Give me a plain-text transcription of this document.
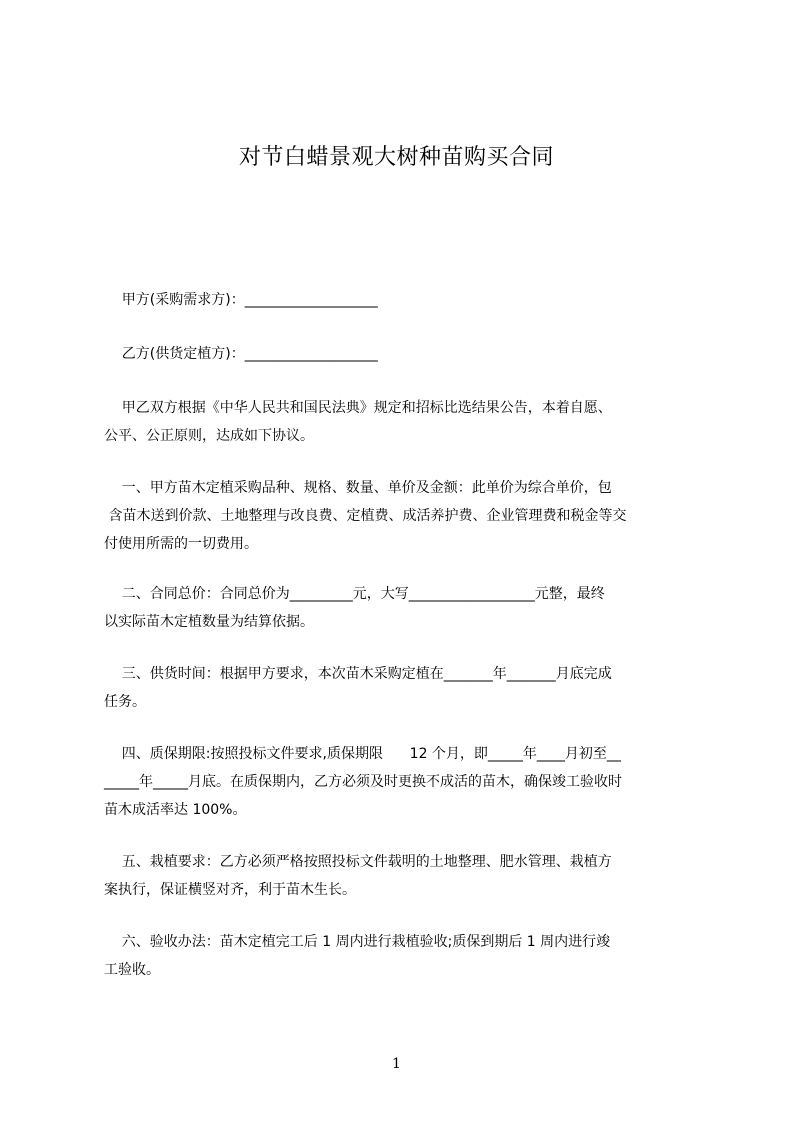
对节白蜡景观大树种苗购买合同
甲方(采购需求方)：___________________
乙方(供货定植方)：___________________
甲乙双方根据《中华人民共和国民法典》规定和招标比选结果公告，本着自愿、
公平、公正原则，达成如下协议。
一、甲方苗木定植采购品种、规格、数量、单价及金额：此单价为综合单价，包
含苗木送到价款、土地整理与改良费、定植费、成活养护费、企业管理费和税金等交
付使用所需的一切费用。
二、合同总价：合同总价为_________元，大写__________________元整，最终
以实际苗木定植数量为结算依据。
三、供货时间：根据甲方要求，本次苗木采购定植在_______年_______月底完成
任务。
四、质保期限:按照投标文件要求,质保期限      12 个月，即_____年____月初至__
_____年_____月底。在质保期内，乙方必须及时更换不成活的苗木，确保竣工验收时
苗木成活率达 100%。
五、栽植要求：乙方必须严格按照投标文件载明的土地整理、肥水管理、栽植方
案执行，保证横竖对齐，利于苗木生长。
六、验收办法：苗木定植完工后 1 周内进行栽植验收;质保到期后 1 周内进行竣
工验收。
1
